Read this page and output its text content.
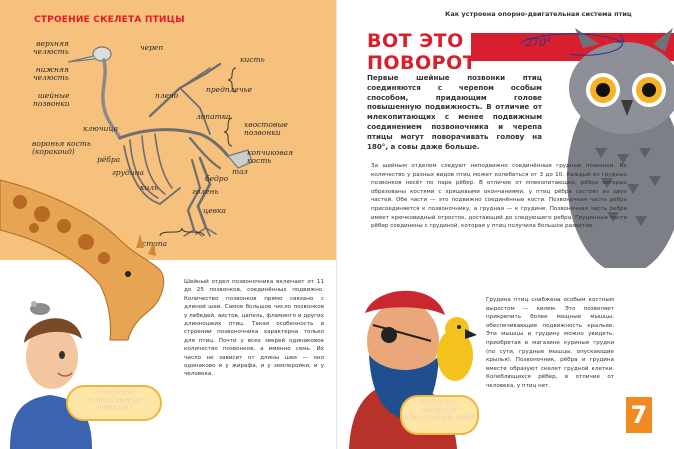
СТРОЕНИЕ СКЕЛЕТА ПТИЦЫ
верхняя
челюсть
нижняя
челюсть
шейные
позвонки
ключица
воронья кость
(коракоид)
рёбра
грудина
киль
череп
кисть
плечо
предплечье
лопатка
хвостовые
позвонки
копчиковая
кость
таз
бедро
голень
цевка
стопа
Шейный отдел позвоночника включает от 11 до 25 позвонков, соединённых подвижно. Количество позвонков прямо связано с длиной шеи. Самое большое число позвонков у лебедей, аистов, цапель, фламинго и других длинношеих птиц. Такая особенность в строении позвоночника характерна только для птиц. Почти у всех зверей одинаковое количество позвонков, а именно семь. Их число не зависит от длины шеи — оно одинаково и у жирафа, и у землеройки, и у человека.
У нас у всех
по семь шейных
позвонков
Как устроена опорно-двигательная система птиц
ВОТ ЭТО
ПОВОРОТ
270°
Первые шейные позвонки птиц соединяются с черепом особым способом, придающим голове повышенную подвижность. В отличие от млекопитающих с менее подвижным соединением позвоночника и черепа птицы могут поворачивать голову на 180°, а совы даже больше.
За шейным отделом следуют неподвижно соединённые грудные позвонки. Их количество у разных видов птиц может колебаться от 3 до 10. Каждый из грудных позвонков несёт по паре рёбер. В отличие от млекопитающих, рёбра которых образованы костями с хрящевыми окончаниями, у птиц рёбра состоят из двух частей. Обе части — это подвижно соединённые кости. Позвоночная часть ребра присоединяется к позвоночнику, а грудная — к грудине. Позвоночная часть ребра имеет крючковидный отросток, достающий до следующего ребра. Грудинные части рёбер соединены с грудиной, которая у птиц получила большое развитие.
И длинных
колебаний
в отличие от тебя!
Грудина птиц снабжена особым костным выростом — килем. Это позволяет прикрепить более мощные мышцы, обеспечивающие подвижность крыльев. Эти мышцы и грудину можно увидеть, приобретая в магазине куриные грудки (по сути, грудные мышцы, опускающие крылья). Позвоночник, рёбра и грудина вместе образуют скелет грудной клетки. Колеблющихся рёбер, в отличие от человека, у птиц нет.
7
